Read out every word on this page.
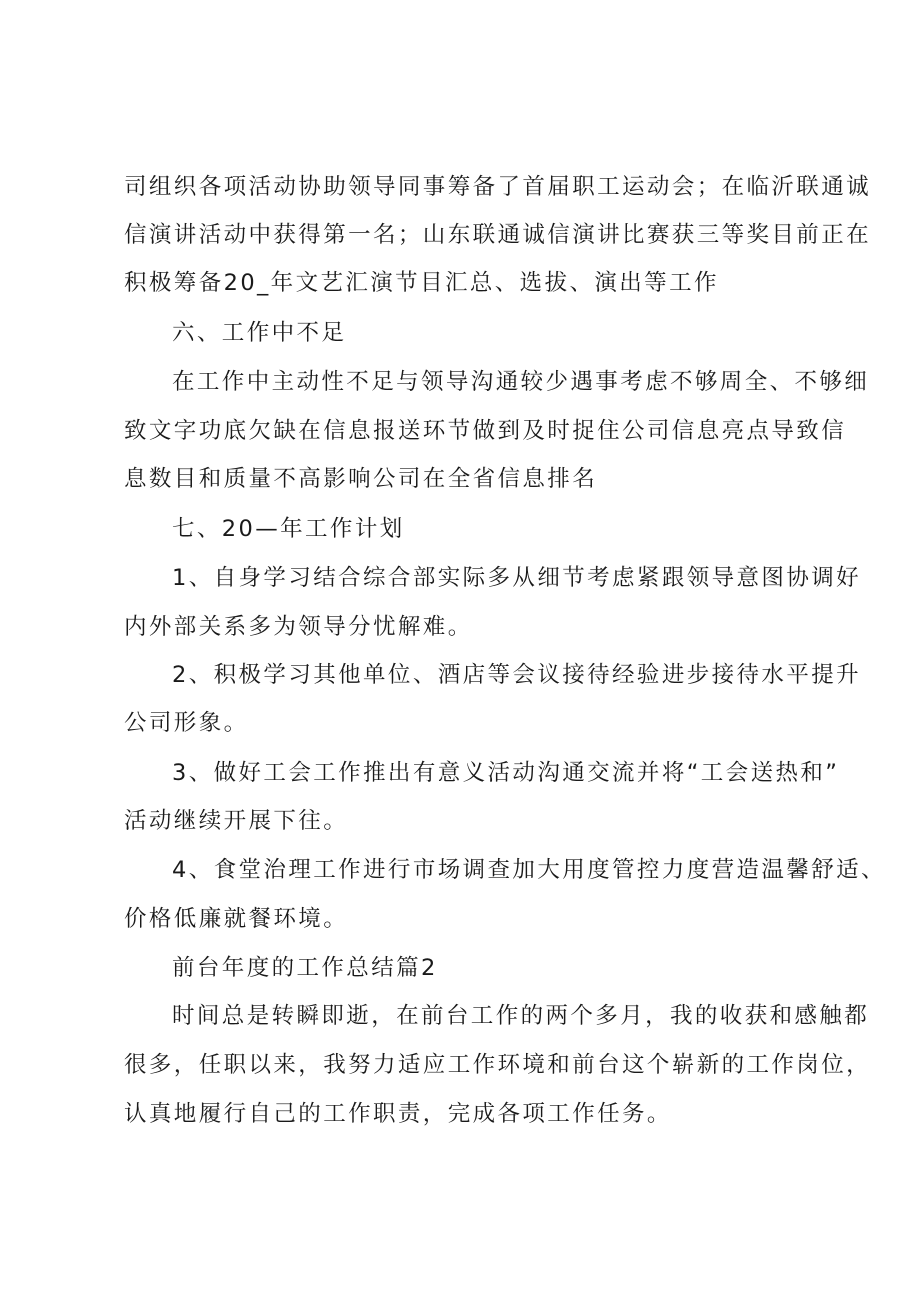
司组织各项活动协助领导同事筹备了首届职工运动会；在临沂联通诚
信演讲活动中获得第一名；山东联通诚信演讲比赛获三等奖目前正在
积极筹备20_年文艺汇演节目汇总、选拔、演出等工作
六、工作中不足
在工作中主动性不足与领导沟通较少遇事考虑不够周全、不够细
致文字功底欠缺在信息报送环节做到及时捉住公司信息亮点导致信
息数目和质量不高影响公司在全省信息排名
七、20—年工作计划
1、自身学习结合综合部实际多从细节考虑紧跟领导意图协调好
内外部关系多为领导分忧解难。
2、积极学习其他单位、酒店等会议接待经验进步接待水平提升
公司形象。
3、做好工会工作推出有意义活动沟通交流并将“工会送热和”
活动继续开展下往。
4、食堂治理工作进行市场调查加大用度管控力度营造温馨舒适、
价格低廉就餐环境。
前台年度的工作总结篇2
时间总是转瞬即逝，在前台工作的两个多月，我的收获和感触都
很多，任职以来，我努力适应工作环境和前台这个崭新的工作岗位，
认真地履行自己的工作职责，完成各项工作任务。
